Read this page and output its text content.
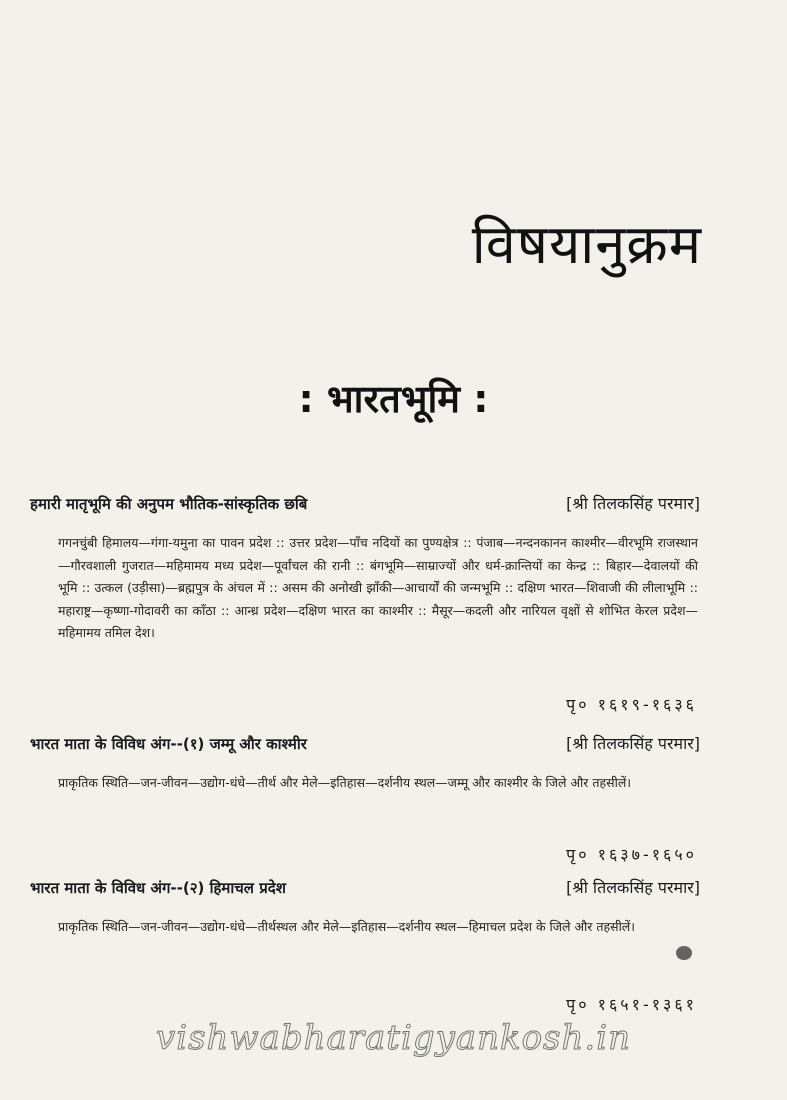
विषयानुक्रम
: भारतभूमि :
हमारी मातृभूमि की अनुपम भौतिक-सांस्कृतिक छबि	[श्री तिलकसिंह परमार]
गगनचुंबी हिमालय—गंगा-यमुना का पावन प्रदेश :: उत्तर प्रदेश—पाँच नदियों का पुण्यक्षेत्र :: पंजाब—नन्दनकानन काश्मीर—वीरभूमि राजस्थान—गौरवशाली गुजरात—महिमामय मध्य प्रदेश—पूर्वांचल की रानी :: बंगभूमि—साम्राज्यों और धर्म-क्रान्तियों का केन्द्र :: बिहार—देवालयों की भूमि :: उत्कल (उड़ीसा)—ब्रह्मपुत्र के अंचल में :: असम की अनोखी झाँकी—आचार्यों की जन्मभूमि :: दक्षिण भारत—शिवाजी की लीलाभूमि :: महाराष्ट्र—कृष्णा-गोदावरी का काँठा :: आन्ध्र प्रदेश—दक्षिण भारत का काश्मीर :: मैसूर—कदली और नारियल वृक्षों से शोभित केरल प्रदेश—महिमामय तमिल देश।
पृ० १६१९-१६३६
भारत माता के विविध अंग--(१) जम्मू और काश्मीर	[श्री तिलकसिंह परमार]
प्राकृतिक स्थिति—जन-जीवन—उद्योग-धंधे—तीर्थ और मेले—इतिहास—दर्शनीय स्थल—जम्मू और काश्मीर के जिले और तहसीलें।
पृ० १६३७-१६५०
भारत माता के विविध अंग--(२) हिमाचल प्रदेश	[श्री तिलकसिंह परमार]
प्राकृतिक स्थिति—जन-जीवन—उद्योग-धंधे—तीर्थस्थल और मेले—इतिहास—दर्शनीय स्थल—हिमाचल प्रदेश के जिले और तहसीलें।
पृ० १६५१-१३६१
vishwabharatigyankosh.in
